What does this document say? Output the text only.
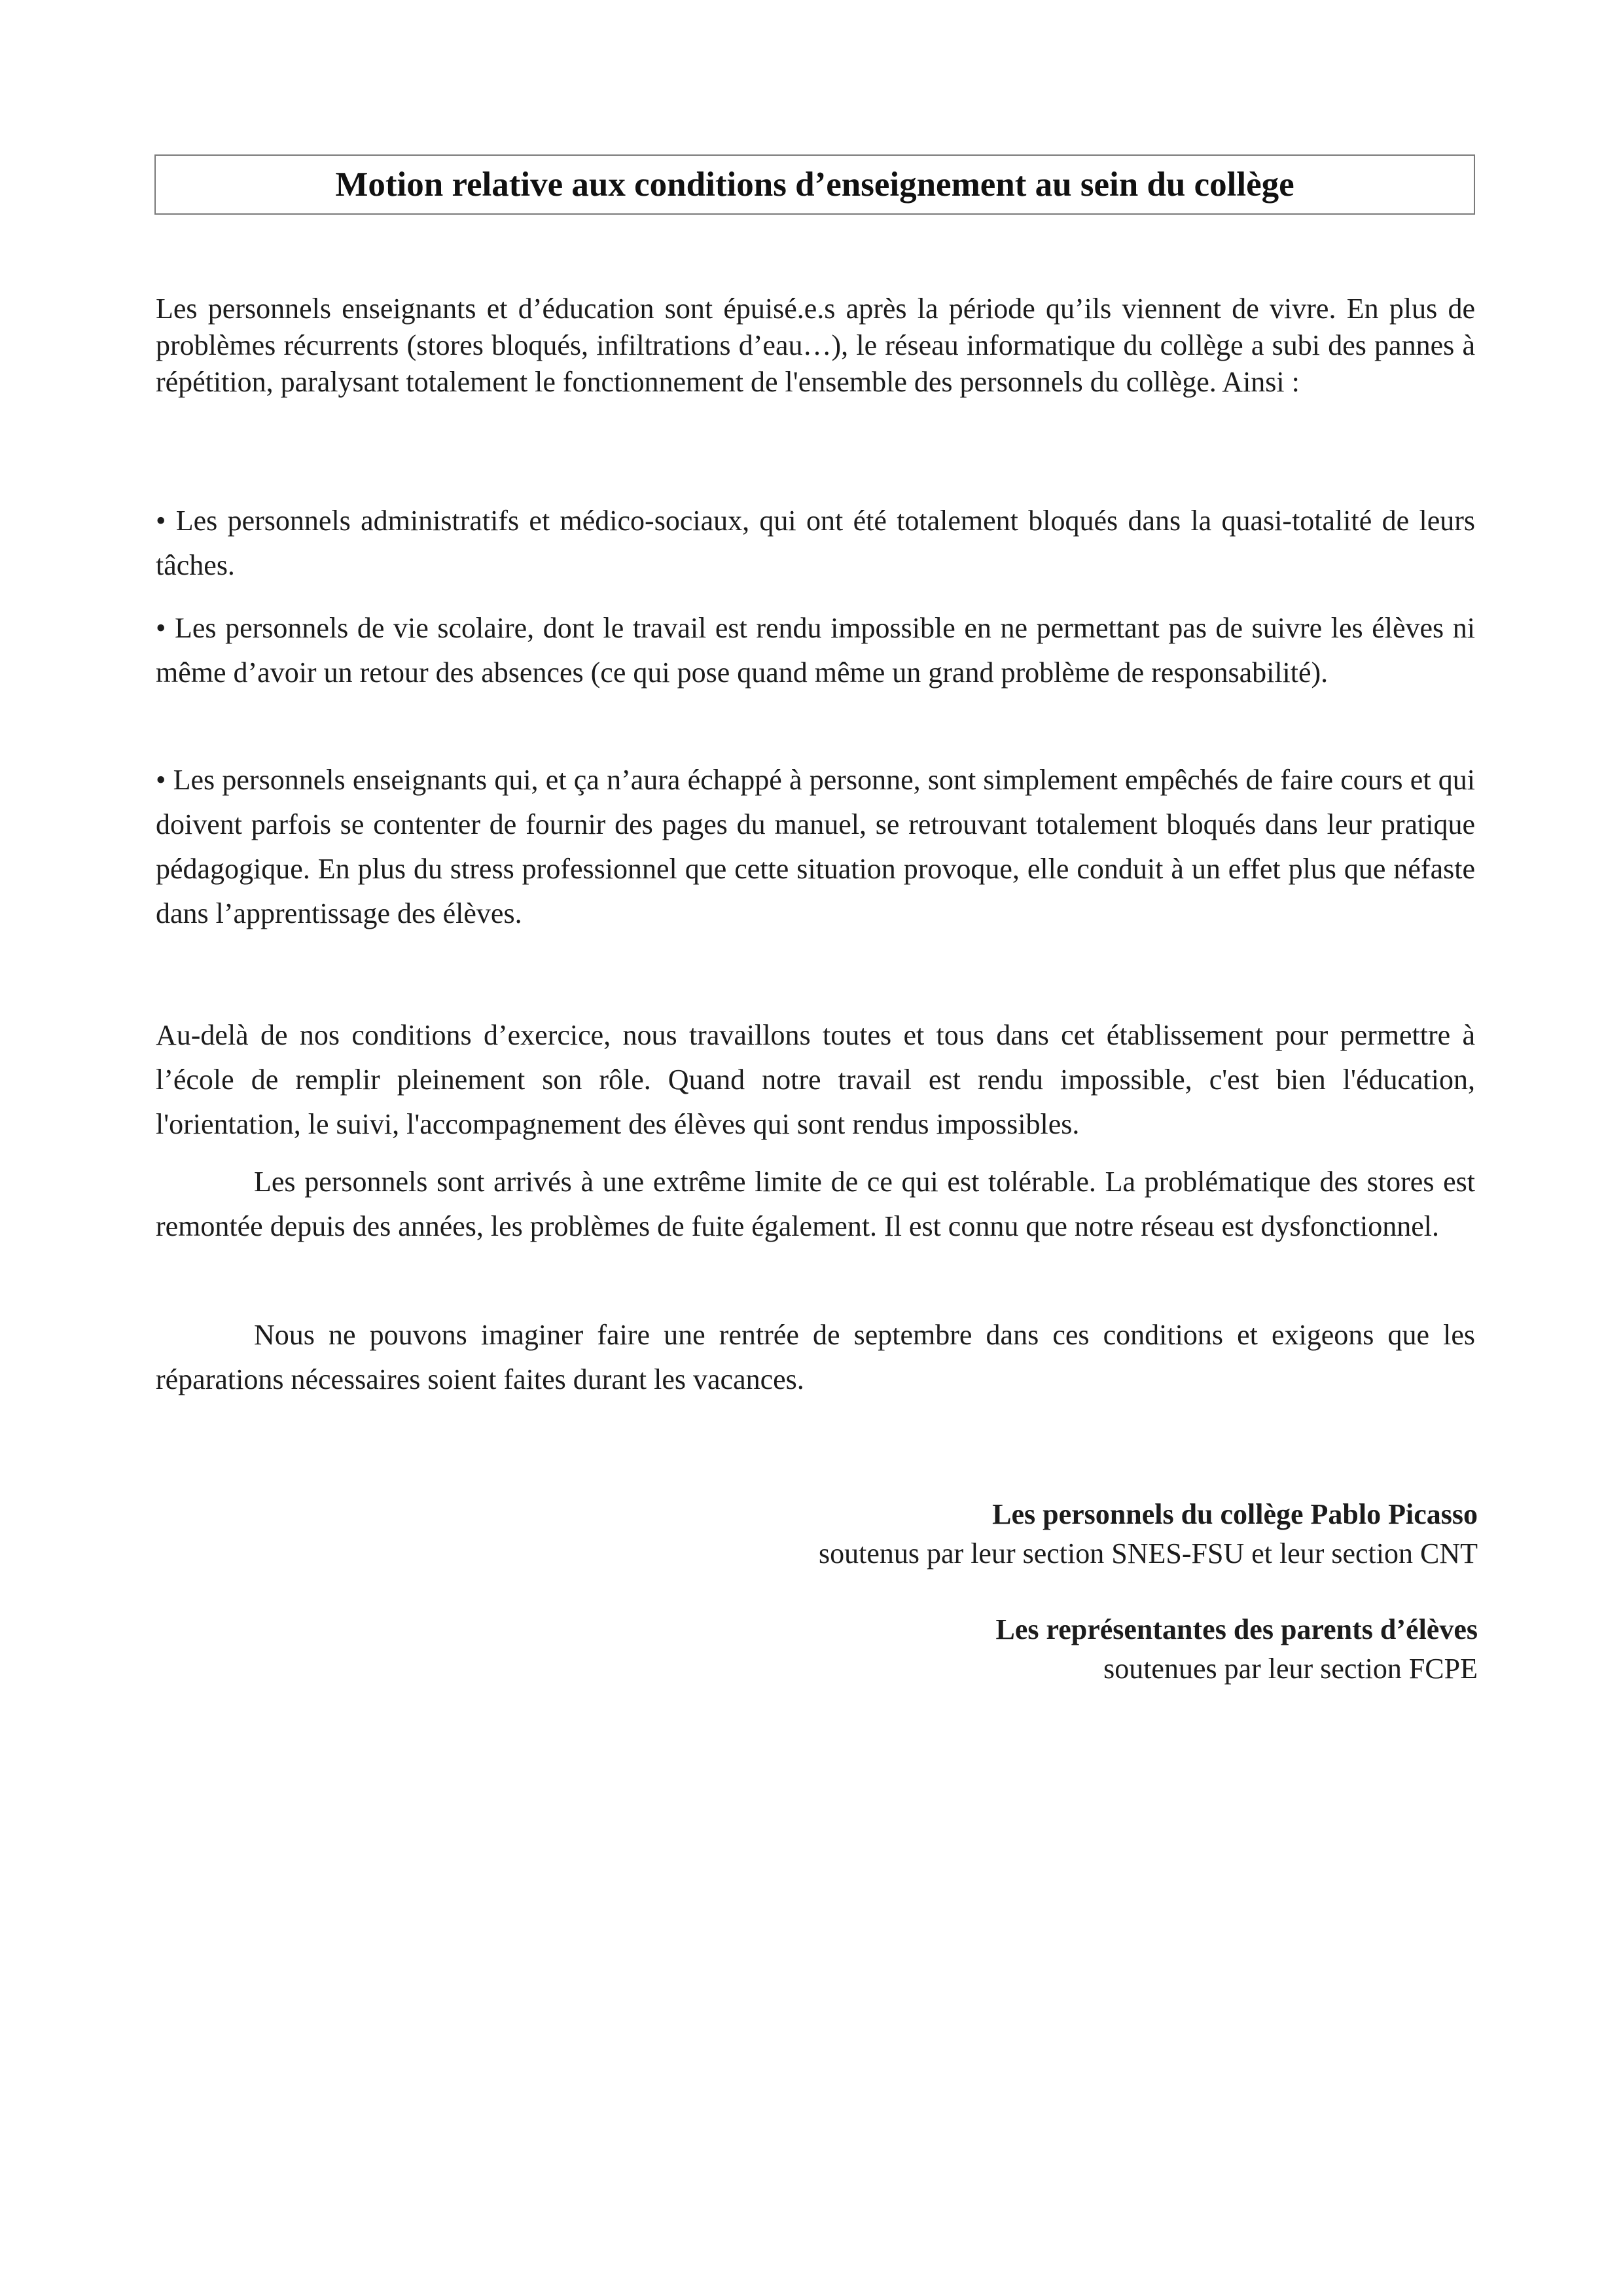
Motion relative aux conditions d’enseignement au sein du collège

Les personnels enseignants et d’éducation sont épuisé.e.s après la période qu’ils viennent de vivre. En plus de problèmes récurrents (stores bloqués, infiltrations d’eau…), le réseau informatique du collège a subi des pannes à répétition, paralysant totalement le fonctionnement de l'ensemble des personnels du collège. Ainsi :

• Les personnels administratifs et médico-sociaux, qui ont été totalement bloqués dans la quasi-totalité de leurs tâches.

• Les personnels de vie scolaire, dont le travail est rendu impossible en ne permettant pas de suivre les élèves ni même d’avoir un retour des absences (ce qui pose quand même un grand problème de responsabilité).

• Les personnels enseignants qui, et ça n’aura échappé à personne, sont simplement empêchés de faire cours et qui doivent parfois se contenter de fournir des pages du manuel, se retrouvant totalement bloqués dans leur pratique pédagogique. En plus du stress professionnel que cette situation provoque, elle conduit à un effet plus que néfaste dans l’apprentissage des élèves.

Au-delà de nos conditions d’exercice, nous travaillons toutes et tous dans cet établissement pour permettre à l’école de remplir pleinement son rôle. Quand notre travail est rendu impossible, c'est bien l'éducation, l'orientation, le suivi, l'accompagnement des élèves qui sont rendus impossibles.

Les personnels sont arrivés à une extrême limite de ce qui est tolérable. La problématique des stores est remontée depuis des années, les problèmes de fuite également. Il est connu que notre réseau est dysfonctionnel.

Nous ne pouvons imaginer faire une rentrée de septembre dans ces conditions et exigeons que les réparations nécessaires soient faites durant les vacances.

Les personnels du collège Pablo Picasso
soutenus par leur section SNES-FSU et leur section CNT
Les représentantes des parents d’élèves
soutenues par leur section FCPE
